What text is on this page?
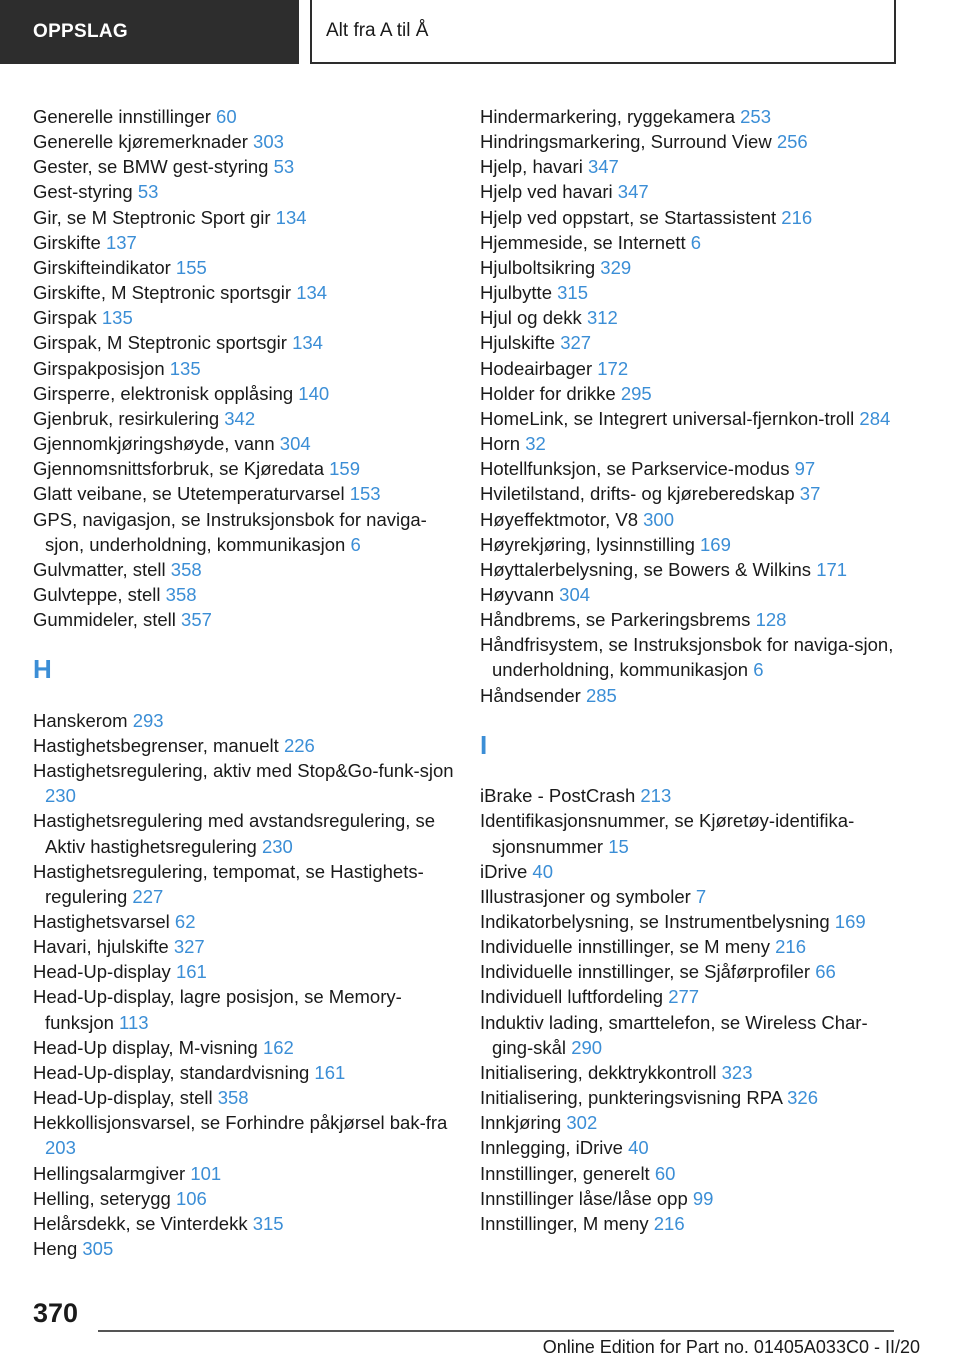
OPPSLAG	Alt fra A til Å
Generelle innstillinger 60
Generelle kjøremerknader 303
Gester, se BMW gest-styring 53
Gest-styring 53
Gir, se M Steptronic Sport gir 134
Girskifte 137
Girskifteindikator 155
Girskifte, M Steptronic sportsgir 134
Girspak 135
Girspak, M Steptronic sportsgir 134
Girspakposisjon 135
Girsperre, elektronisk opplåsing 140
Gjenbruk, resirkulering 342
Gjennomkjøringshøyde, vann 304
Gjennomsnittsforbruk, se Kjøredata 159
Glatt veibane, se Utetemperaturvarsel 153
GPS, navigasjon, se Instruksjonsbok for naviga-sjon, underholdning, kommunikasjon 6
Gulvmatter, stell 358
Gulvteppe, stell 358
Gummideler, stell 357
H
Hanskerom 293
Hastighetsbegrenser, manuelt 226
Hastighetsregulering, aktiv med Stop&Go-funk-sjon 230
Hastighetsregulering med avstandsregulering, se Aktiv hastighetsregulering 230
Hastighetsregulering, tempomat, se Hastighets-regulering 227
Hastighetsvarsel 62
Havari, hjulskifte 327
Head-Up-display 161
Head-Up-display, lagre posisjon, se Memory-funksjon 113
Head-Up display, M-visning 162
Head-Up-display, standardvisning 161
Head-Up-display, stell 358
Hekkollisjonsvarsel, se Forhindre påkjørsel bak-fra 203
Hellingsalarmgiver 101
Helling, seterygg 106
Helårsdekk, se Vinterdekk 315
Heng 305
Hindermarkering, ryggekamera 253
Hindringsmarkering, Surround View 256
Hjelp, havari 347
Hjelp ved havari 347
Hjelp ved oppstart, se Startassistent 216
Hjemmeside, se Internett 6
Hjulboltsikring 329
Hjulbytte 315
Hjul og dekk 312
Hjulskifte 327
Hodeairbager 172
Holder for drikke 295
HomeLink, se Integrert universal-fjernkon-troll 284
Horn 32
Hotellfunksjon, se Parkservice-modus 97
Hviletilstand, drifts- og kjøreberedskap 37
Høyeffektmotor, V8 300
Høyrekjøring, lysinnstilling 169
Høyttalerbelysning, se Bowers & Wilkins 171
Høyvann 304
Håndbrems, se Parkeringsbrems 128
Håndfrisystem, se Instruksjonsbok for naviga-sjon, underholdning, kommunikasjon 6
Håndsender 285
I
iBrake - PostCrash 213
Identifikasjonsnummer, se Kjøretøy-identifika-sjonsnummer 15
iDrive 40
Illustrasjoner og symboler 7
Indikatorbelysning, se Instrumentbelysning 169
Individuelle innstillinger, se M meny 216
Individuelle innstillinger, se Sjåførprofiler 66
Individuell luftfordeling 277
Induktiv lading, smarttelefon, se Wireless Char-ging-skål 290
Initialisering, dekktrykkontroll 323
Initialisering, punkteringsvisning RPA 326
Innkjøring 302
Innlegging, iDrive 40
Innstillinger, generelt 60
Innstillinger låse/låse opp 99
Innstillinger, M meny 216
370
Online Edition for Part no. 01405A033C0 - II/20
